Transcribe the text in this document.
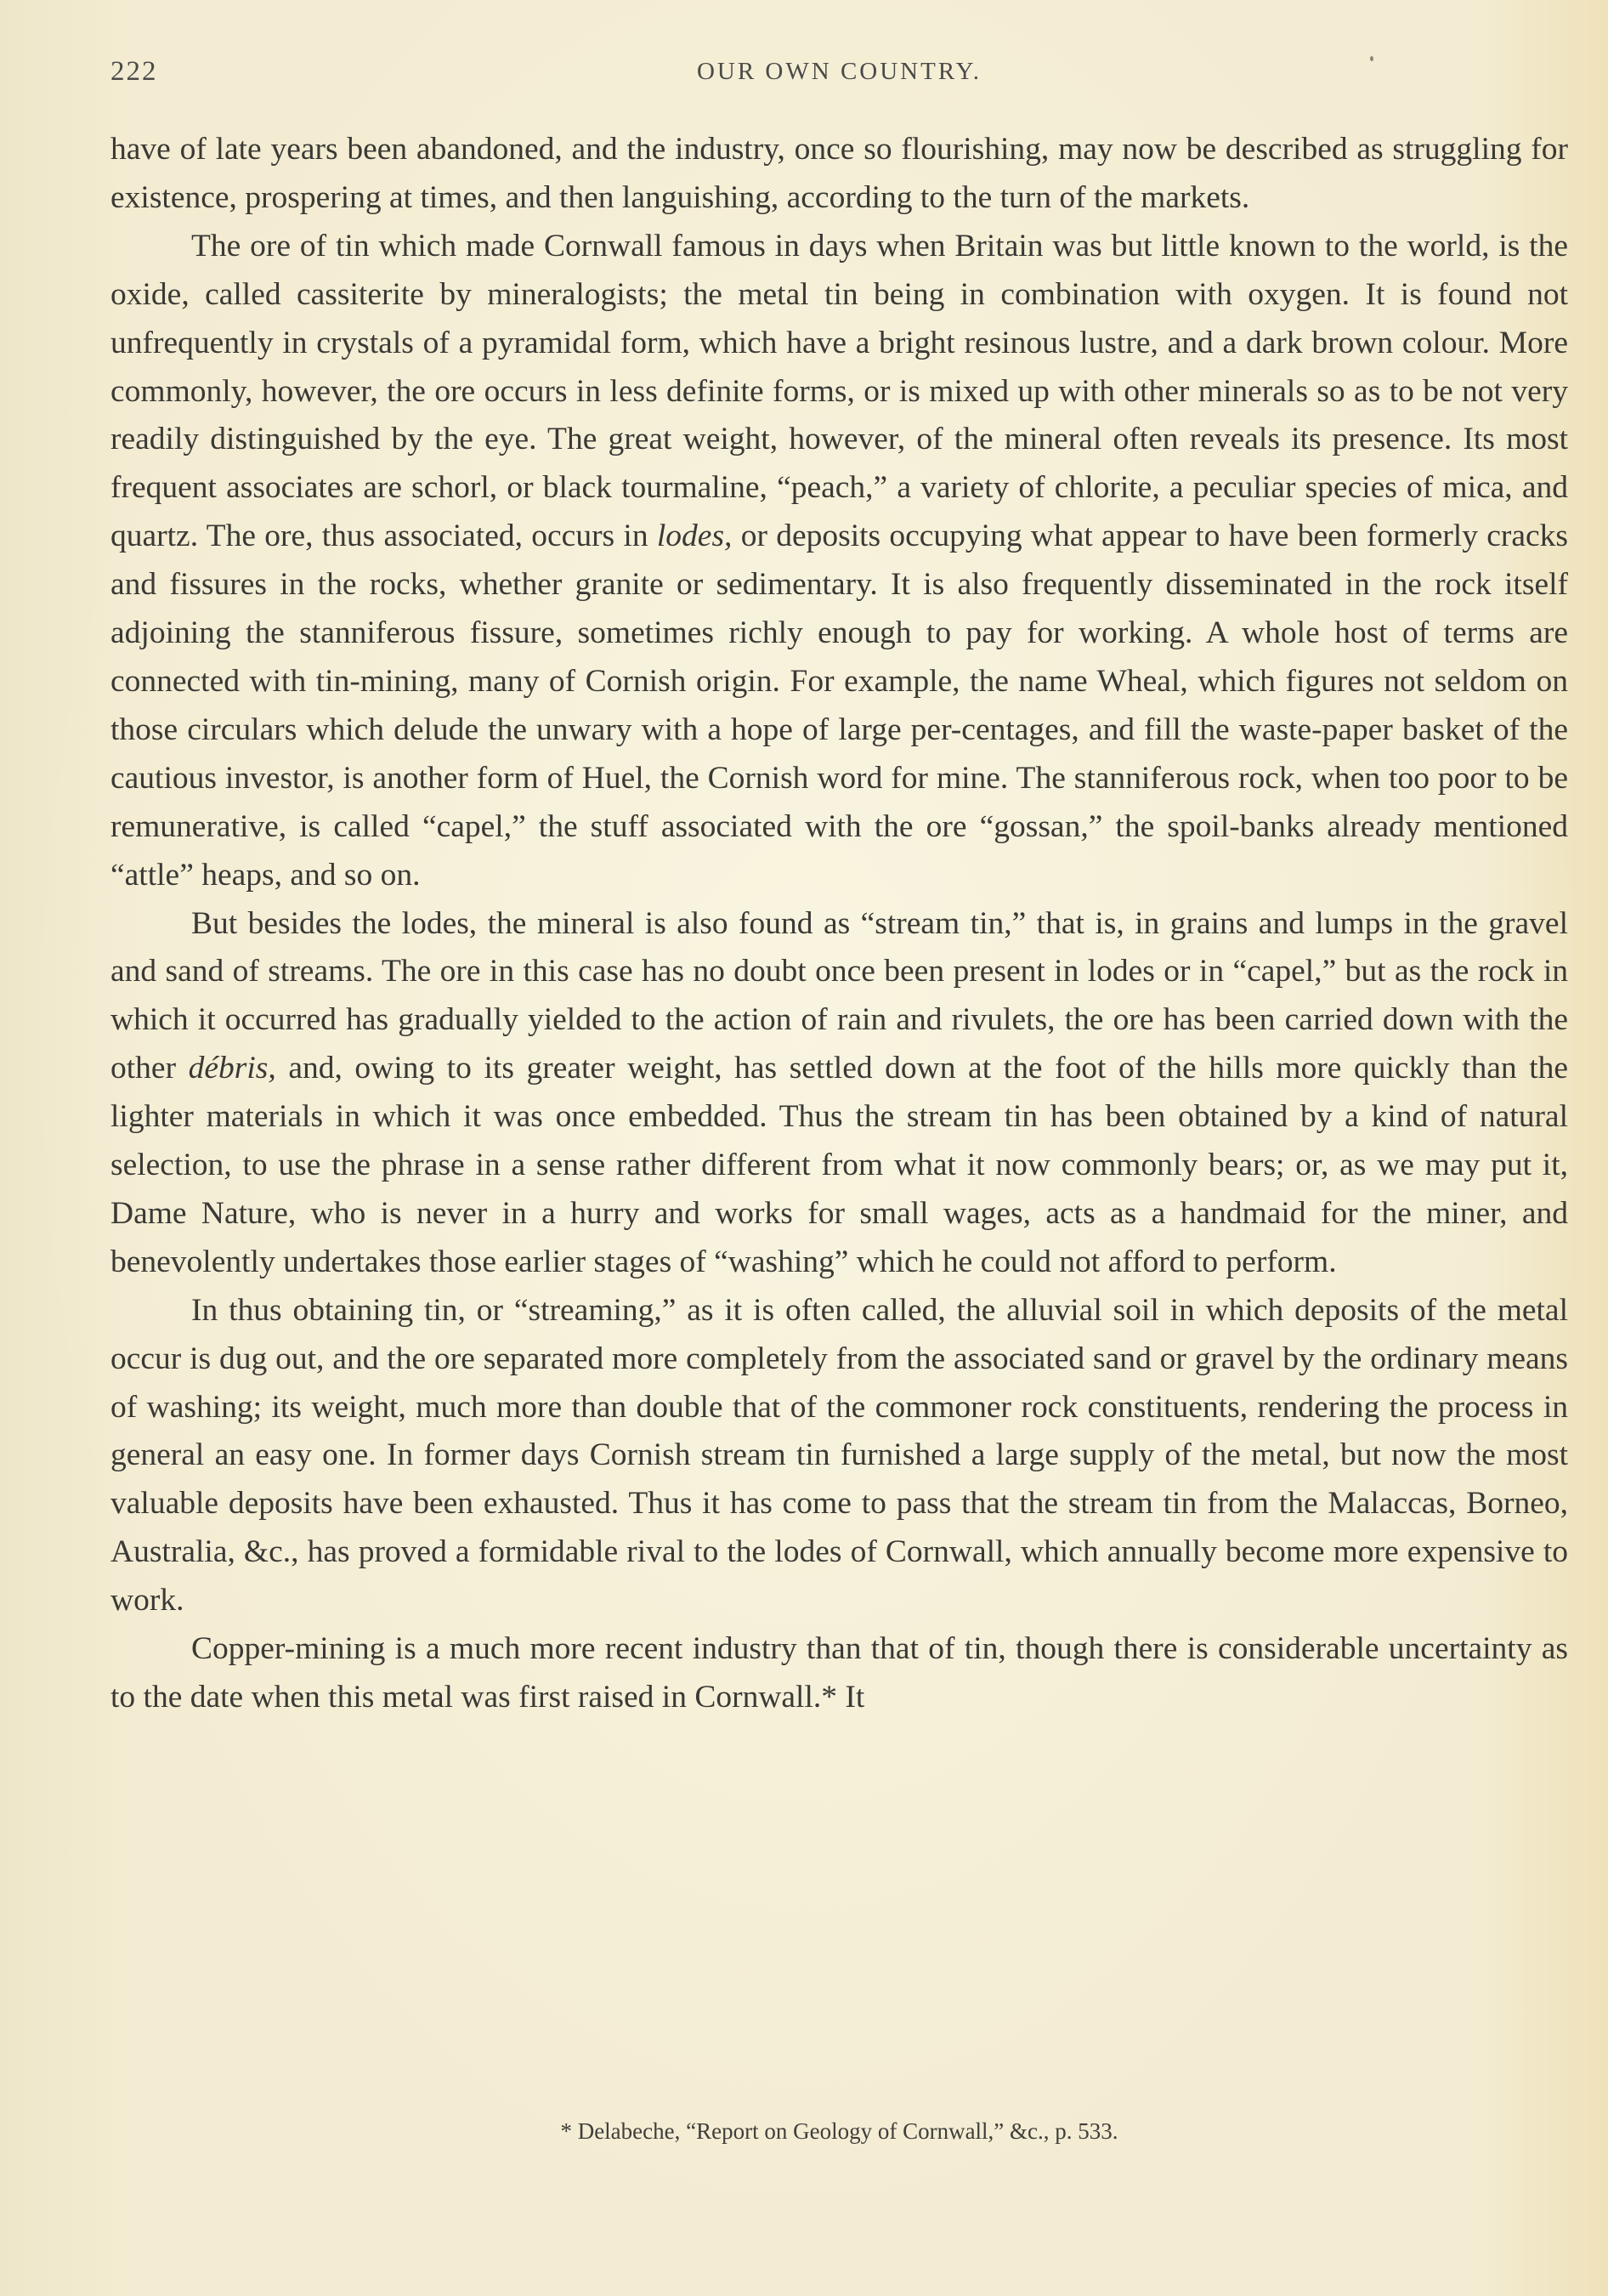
222	OUR OWN COUNTRY.

have of late years been abandoned, and the industry, once so flourishing, may now be described as struggling for existence, prospering at times, and then languishing, according to the turn of the markets.

The ore of tin which made Cornwall famous in days when Britain was but little known to the world, is the oxide, called cassiterite by mineralogists; the metal tin being in combination with oxygen. It is found not unfrequently in crystals of a pyramidal form, which have a bright resinous lustre, and a dark brown colour. More commonly, however, the ore occurs in less definite forms, or is mixed up with other minerals so as to be not very readily distinguished by the eye. The great weight, however, of the mineral often reveals its presence. Its most frequent associates are schorl, or black tourmaline, “peach,” a variety of chlorite, a peculiar species of mica, and quartz. The ore, thus associated, occurs in lodes, or deposits occupying what appear to have been formerly cracks and fissures in the rocks, whether granite or sedimentary. It is also frequently disseminated in the rock itself adjoining the stanniferous fissure, sometimes richly enough to pay for working. A whole host of terms are connected with tin-mining, many of Cornish origin. For example, the name Wheal, which figures not seldom on those circulars which delude the unwary with a hope of large per-centages, and fill the waste-paper basket of the cautious investor, is another form of Huel, the Cornish word for mine. The stanniferous rock, when too poor to be remunerative, is called “capel,” the stuff associated with the ore “gossan,” the spoil-banks already mentioned “attle” heaps, and so on.

But besides the lodes, the mineral is also found as “stream tin,” that is, in grains and lumps in the gravel and sand of streams. The ore in this case has no doubt once been present in lodes or in “capel,” but as the rock in which it occurred has gradually yielded to the action of rain and rivulets, the ore has been carried down with the other débris, and, owing to its greater weight, has settled down at the foot of the hills more quickly than the lighter materials in which it was once embedded. Thus the stream tin has been obtained by a kind of natural selection, to use the phrase in a sense rather different from what it now commonly bears; or, as we may put it, Dame Nature, who is never in a hurry and works for small wages, acts as a handmaid for the miner, and benevolently undertakes those earlier stages of “washing” which he could not afford to perform.

In thus obtaining tin, or “streaming,” as it is often called, the alluvial soil in which deposits of the metal occur is dug out, and the ore separated more completely from the associated sand or gravel by the ordinary means of washing; its weight, much more than double that of the commoner rock constituents, rendering the process in general an easy one. In former days Cornish stream tin furnished a large supply of the metal, but now the most valuable deposits have been exhausted. Thus it has come to pass that the stream tin from the Malaccas, Borneo, Australia, &c., has proved a formidable rival to the lodes of Cornwall, which annually become more expensive to work.

Copper-mining is a much more recent industry than that of tin, though there is considerable uncertainty as to the date when this metal was first raised in Cornwall.* It

* Delabeche, “Report on Geology of Cornwall,” &c., p. 533.
